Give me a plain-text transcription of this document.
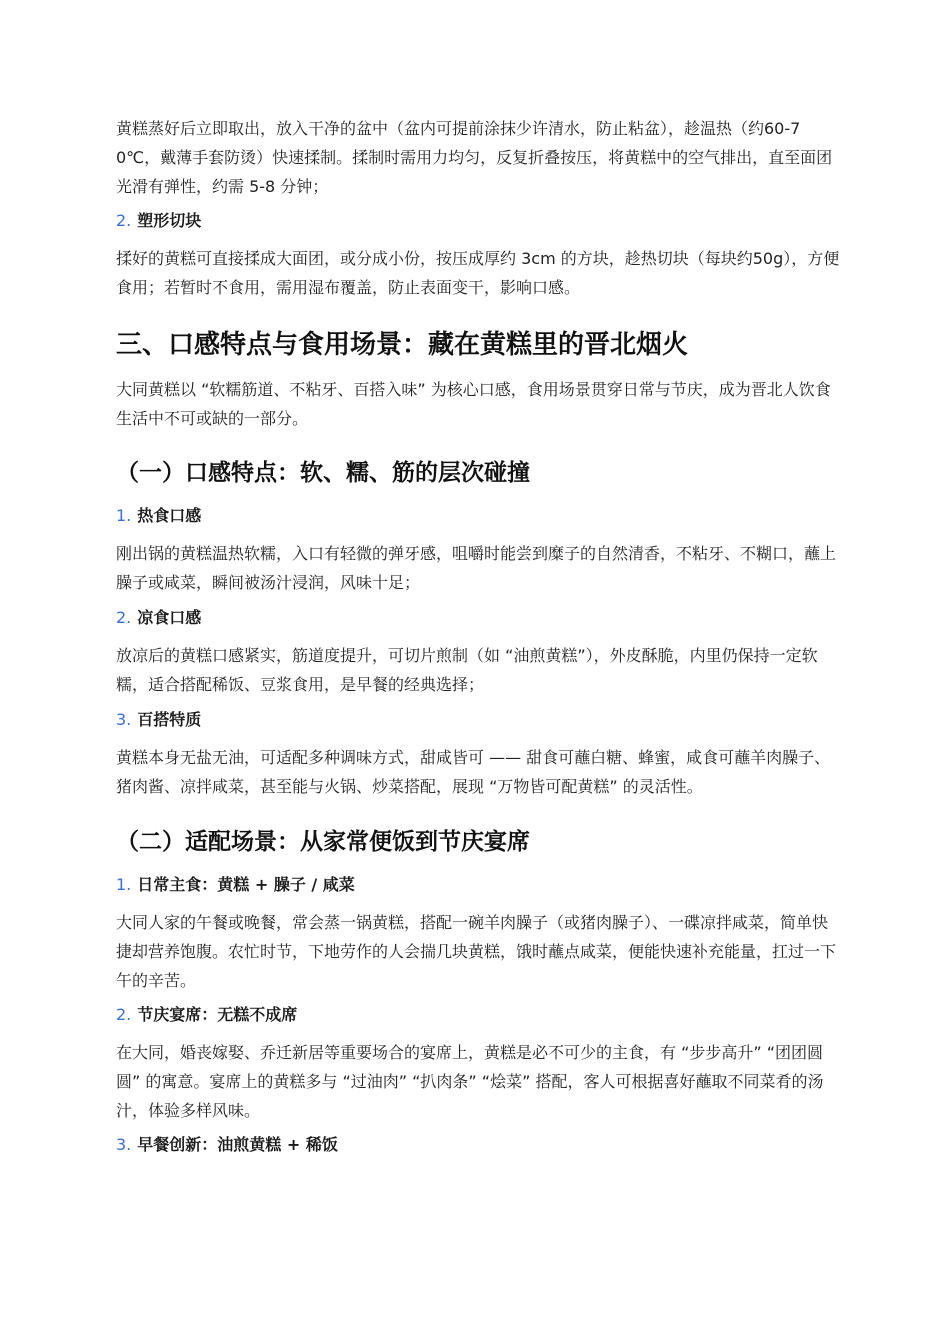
黄糕蒸好后立即取出，放入干净的盆中（盆内可提前涂抹少许清水，防止粘盆），趁温热（约60-70℃，戴薄手套防烫）快速揉制。揉制时需用力均匀，反复折叠按压，将黄糕中的空气排出，直至面团光滑有弹性，约需 5-8 分钟；

2. 塑形切块

揉好的黄糕可直接揉成大面团，或分成小份，按压成厚约 3cm 的方块，趁热切块（每块约50g），方便食用；若暂时不食用，需用湿布覆盖，防止表面变干，影响口感。

三、口感特点与食用场景：藏在黄糕里的晋北烟火

大同黄糕以 “软糯筋道、不粘牙、百搭入味” 为核心口感，食用场景贯穿日常与节庆，成为晋北人饮食生活中不可或缺的一部分。

（一）口感特点：软、糯、筋的层次碰撞

1. 热食口感

刚出锅的黄糕温热软糯，入口有轻微的弹牙感，咀嚼时能尝到糜子的自然清香，不粘牙、不糊口，蘸上臊子或咸菜，瞬间被汤汁浸润，风味十足；

2. 凉食口感

放凉后的黄糕口感紧实，筋道度提升，可切片煎制（如 “油煎黄糕”），外皮酥脆，内里仍保持一定软糯，适合搭配稀饭、豆浆食用，是早餐的经典选择；

3. 百搭特质

黄糕本身无盐无油，可适配多种调味方式，甜咸皆可 —— 甜食可蘸白糖、蜂蜜，咸食可蘸羊肉臊子、猪肉酱、凉拌咸菜，甚至能与火锅、炒菜搭配，展现 “万物皆可配黄糕” 的灵活性。

（二）适配场景：从家常便饭到节庆宴席

1. 日常主食：黄糕 + 臊子 / 咸菜

大同人家的午餐或晚餐，常会蒸一锅黄糕，搭配一碗羊肉臊子（或猪肉臊子）、一碟凉拌咸菜，简单快捷却营养饱腹。农忙时节，下地劳作的人会揣几块黄糕，饿时蘸点咸菜，便能快速补充能量，扛过一下午的辛苦。

2. 节庆宴席：无糕不成席

在大同，婚丧嫁娶、乔迁新居等重要场合的宴席上，黄糕是必不可少的主食，有 “步步高升” “团团圆圆” 的寓意。宴席上的黄糕多与 “过油肉” “扒肉条” “烩菜” 搭配，客人可根据喜好蘸取不同菜肴的汤汁，体验多样风味。

3. 早餐创新：油煎黄糕 + 稀饭
